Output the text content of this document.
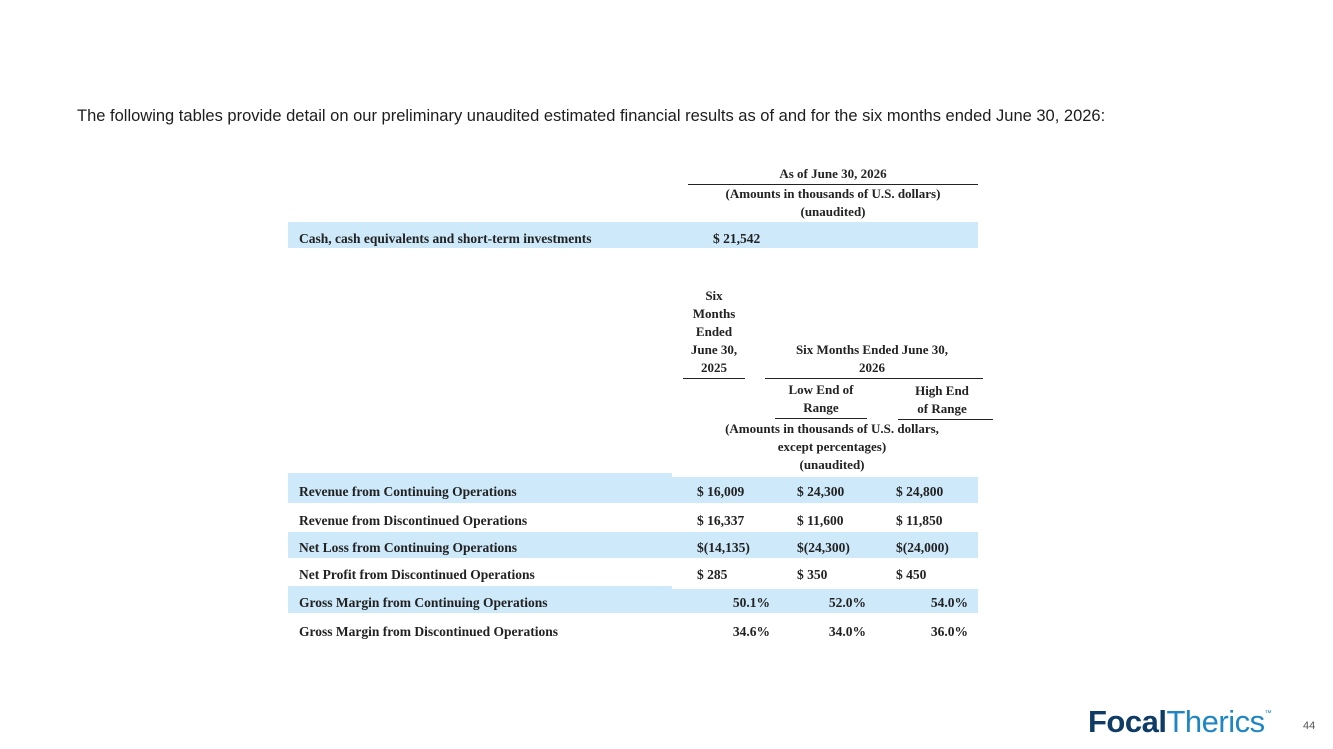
The following tables provide detail on our preliminary unaudited estimated financial results as of and for the six months ended June 30, 2026:
As of June 30, 2026
(Amounts in thousands of U.S. dollars)
(unaudited)
Cash, cash equivalents and short-term investments	$ 21,542
Six
Months
Ended
June 30,
2025
Six Months Ended June 30,
2026
Low End of
Range
High End
of Range
(Amounts in thousands of U.S. dollars,
except percentages)
(unaudited)
Revenue from Continuing Operations	$ 16,009	$ 24,300	$ 24,800
Revenue from Discontinued Operations	$ 16,337	$ 11,600	$ 11,850
Net Loss from Continuing Operations	$(14,135)	$(24,300)	$(24,000)
Net Profit from Discontinued Operations	$ 285	$ 350	$ 450
Gross Margin from Continuing Operations	50.1%	52.0%	54.0%
Gross Margin from Discontinued Operations	34.6%	34.0%	36.0%
FocalTherics™
44
